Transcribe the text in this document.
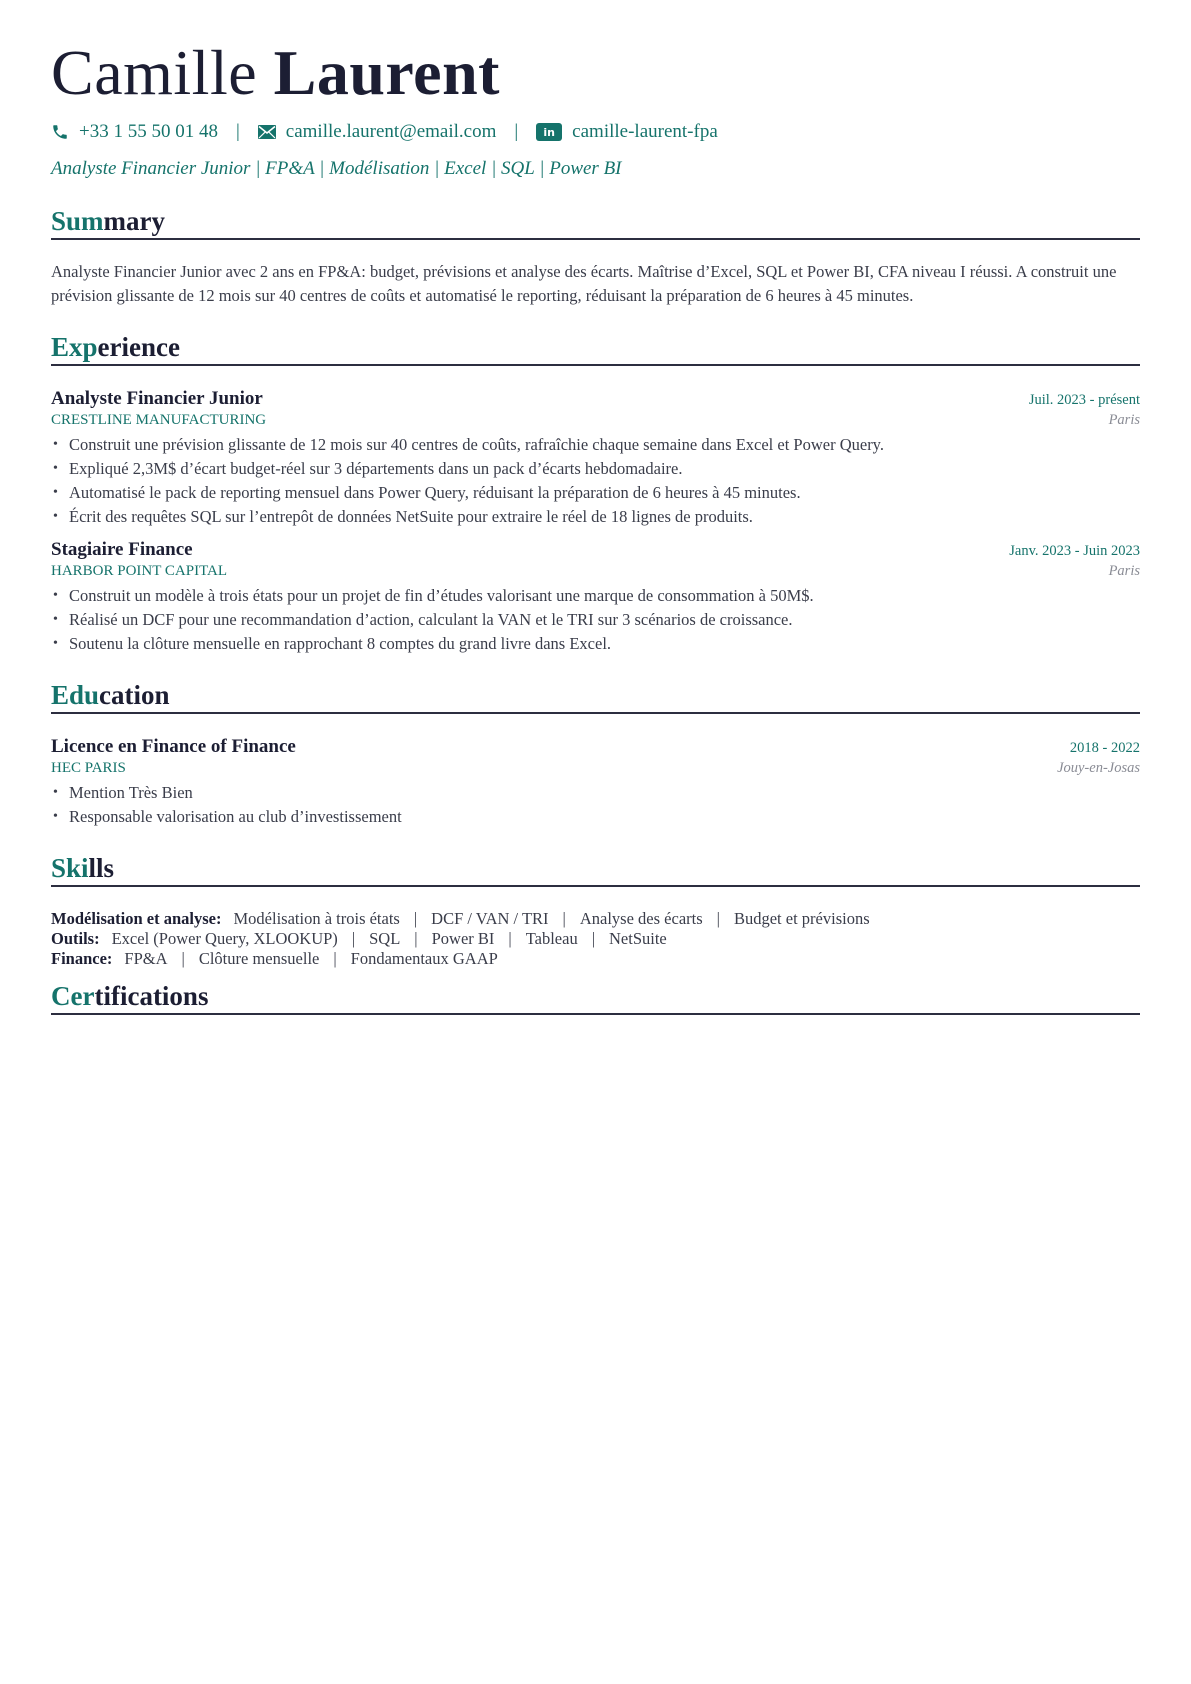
Camille Laurent
+33 1 55 50 01 48 | camille.laurent@email.com |	in camille-laurent-fpa
Analyste Financier Junior | FP&A | Modélisation | Excel | SQL | Power BI
Summary
Analyste Financier Junior avec 2 ans en FP&A: budget, prévisions et analyse des écarts. Maîtrise d’Excel, SQL et Power BI, CFA niveau I réussi. A construit une prévision glissante de 12 mois sur 40 centres de coûts et automatisé le reporting, réduisant la préparation de 6 heures à 45 minutes.
Experience
Analyste Financier Junior	Juil. 2023 - présent
CRESTLINE MANUFACTURING	Paris
• Construit une prévision glissante de 12 mois sur 40 centres de coûts, rafraîchie chaque semaine dans Excel et Power Query.
• Expliqué 2,3M$ d’écart budget-réel sur 3 départements dans un pack d’écarts hebdomadaire.
• Automatisé le pack de reporting mensuel dans Power Query, réduisant la préparation de 6 heures à 45 minutes.
• Écrit des requêtes SQL sur l’entrepôt de données NetSuite pour extraire le réel de 18 lignes de produits.
Stagiaire Finance	Janv. 2023 - Juin 2023
HARBOR POINT CAPITAL	Paris
• Construit un modèle à trois états pour un projet de fin d’études valorisant une marque de consommation à 50M$.
• Réalisé un DCF pour une recommandation d’action, calculant la VAN et le TRI sur 3 scénarios de croissance.
• Soutenu la clôture mensuelle en rapprochant 8 comptes du grand livre dans Excel.
Education
Licence en Finance of Finance	2018 - 2022
HEC PARIS	Jouy-en-Josas
• Mention Très Bien
• Responsable valorisation au club d’investissement
Skills
Modélisation et analyse: Modélisation à trois états | DCF / VAN / TRI | Analyse des écarts | Budget et prévisions
Outils: Excel (Power Query, XLOOKUP) | SQL | Power BI | Tableau | NetSuite
Finance: FP&A | Clôture mensuelle | Fondamentaux GAAP
Certifications
